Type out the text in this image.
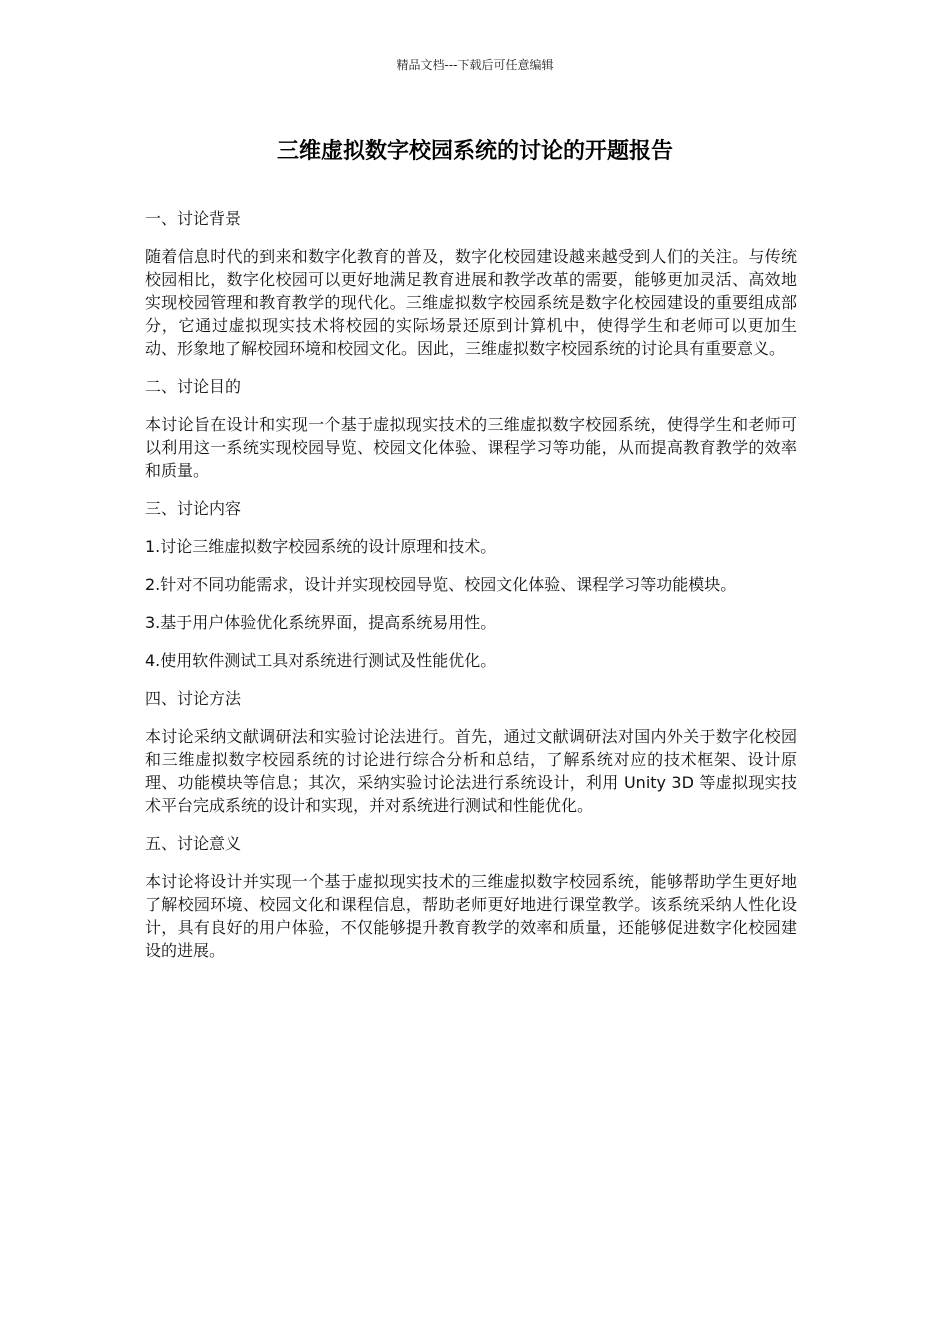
精品文档---下载后可任意编辑
三维虚拟数字校园系统的讨论的开题报告
一、讨论背景
随着信息时代的到来和数字化教育的普及，数字化校园建设越来越受到人们的关注。与传统校园相比，数字化校园可以更好地满足教育进展和教学改革的需要，能够更加灵活、高效地实现校园管理和教育教学的现代化。三维虚拟数字校园系统是数字化校园建设的重要组成部分，它通过虚拟现实技术将校园的实际场景还原到计算机中，使得学生和老师可以更加生动、形象地了解校园环境和校园文化。因此，三维虚拟数字校园系统的讨论具有重要意义。
二、讨论目的
本讨论旨在设计和实现一个基于虚拟现实技术的三维虚拟数字校园系统，使得学生和老师可以利用这一系统实现校园导览、校园文化体验、课程学习等功能，从而提高教育教学的效率和质量。
三、讨论内容
1.讨论三维虚拟数字校园系统的设计原理和技术。
2.针对不同功能需求，设计并实现校园导览、校园文化体验、课程学习等功能模块。
3.基于用户体验优化系统界面，提高系统易用性。
4.使用软件测试工具对系统进行测试及性能优化。
四、讨论方法
本讨论采纳文献调研法和实验讨论法进行。首先，通过文献调研法对国内外关于数字化校园和三维虚拟数字校园系统的讨论进行综合分析和总结，了解系统对应的技术框架、设计原理、功能模块等信息；其次，采纳实验讨论法进行系统设计，利用 Unity 3D 等虚拟现实技术平台完成系统的设计和实现，并对系统进行测试和性能优化。
五、讨论意义
本讨论将设计并实现一个基于虚拟现实技术的三维虚拟数字校园系统，能够帮助学生更好地了解校园环境、校园文化和课程信息，帮助老师更好地进行课堂教学。该系统采纳人性化设计，具有良好的用户体验，不仅能够提升教育教学的效率和质量，还能够促进数字化校园建设的进展。
